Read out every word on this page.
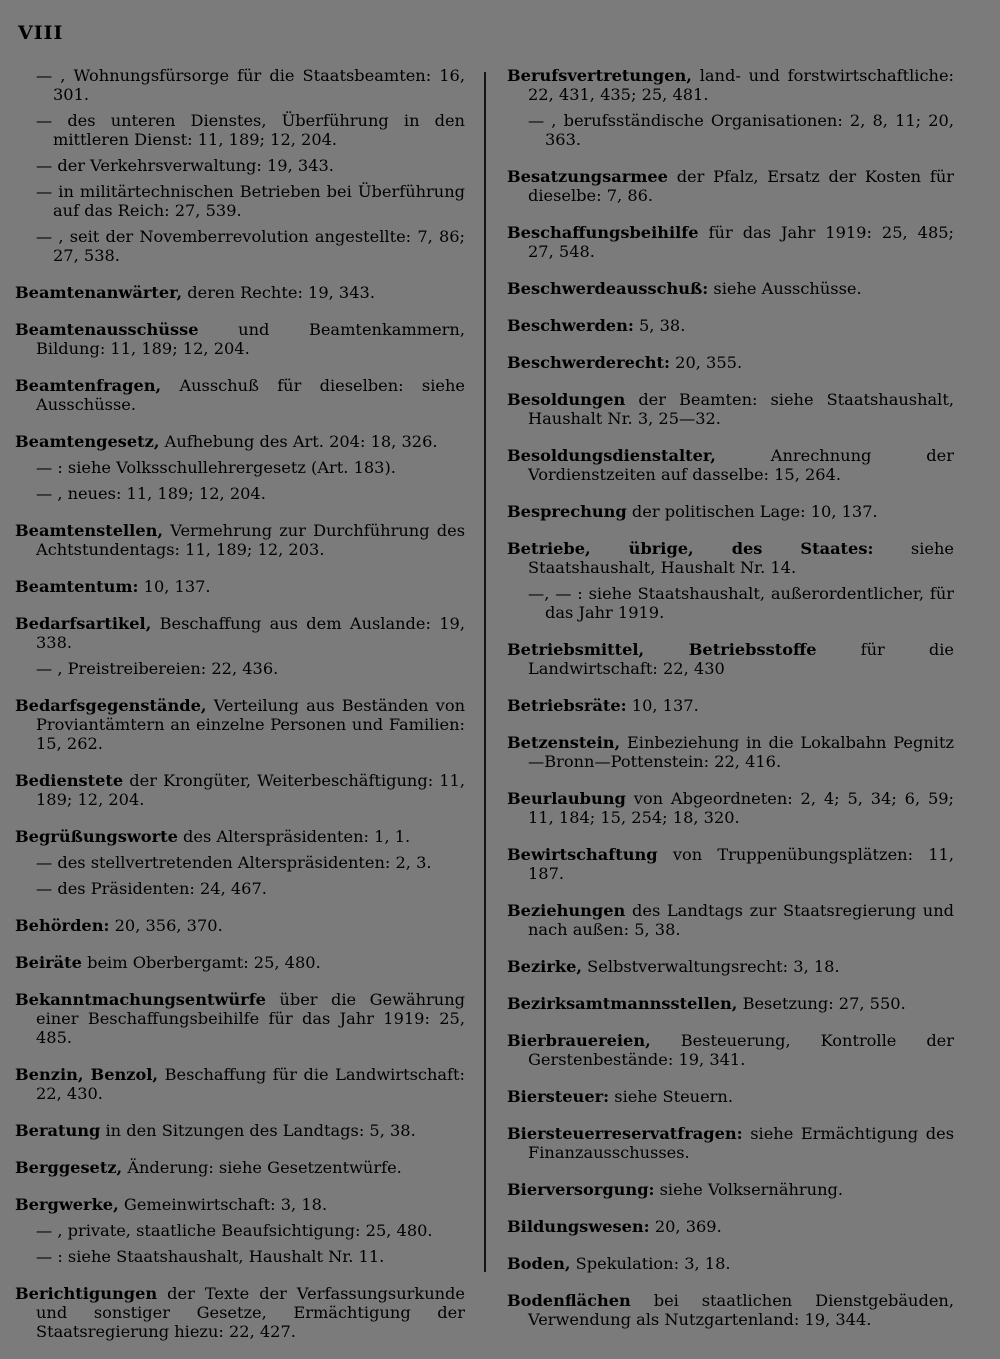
VIII
— , Wohnungsfürsorge für die Staatsbeamten: 16, 301.
— des unteren Dienstes, Überführung in den mittleren Dienst: 11, 189; 12, 204.
— der Verkehrsverwaltung: 19, 343.
— in militärtechnischen Betrieben bei Überführung auf das Reich: 27, 539.
— , seit der Novemberrevolution angestellte: 7, 86; 27, 538.

Beamtenanwärter, deren Rechte: 19, 343.

Beamtenausschüsse und Beamtenkammern, Bildung: 11, 189; 12, 204.

Beamtenfragen, Ausschuß für dieselben: siehe Ausschüsse.

Beamtengesetz, Aufhebung des Art. 204: 18, 326.

— : siehe Volksschullehrergesetz (Art. 183).
— , neues: 11, 189; 12, 204.

Beamtenstellen, Vermehrung zur Durchführung des Achtstundentags: 11, 189; 12, 203.

Beamtentum: 10, 137.

Bedarfsartikel, Beschaffung aus dem Auslande: 19, 338.

— , Preistreibereien: 22, 436.

Bedarfsgegenstände, Verteilung aus Beständen von Proviantämtern an einzelne Personen und Familien: 15, 262.

Bedienstete der Krongüter, Weiterbeschäftigung: 11, 189; 12, 204.

Begrüßungsworte des Alterspräsidenten: 1, 1.

— des stellvertretenden Alterspräsidenten: 2, 3.
— des Präsidenten: 24, 467.

Behörden: 20, 356, 370.

Beiräte beim Oberbergamt: 25, 480.

Bekanntmachungsentwürfe über die Gewährung einer Beschaffungsbeihilfe für das Jahr 1919: 25, 485.

Benzin, Benzol, Beschaffung für die Landwirtschaft: 22, 430.

Beratung in den Sitzungen des Landtags: 5, 38.

Berggesetz, Änderung: siehe Gesetzentwürfe.

Bergwerke, Gemeinwirtschaft: 3, 18.

— , private, staatliche Beaufsichtigung: 25, 480.
— : siehe Staatshaushalt, Haushalt Nr. 11.

Berichtigungen der Texte der Verfassungsurkunde und sonstiger Gesetze, Ermächtigung der Staatsregierung hiezu: 22, 427.

Berufsvertretungen, land- und forstwirtschaftliche: 22, 431, 435; 25, 481.

— , berufsständische Organisationen: 2, 8, 11; 20, 363.

Besatzungsarmee der Pfalz, Ersatz der Kosten für dieselbe: 7, 86.

Beschaffungsbeihilfe für das Jahr 1919: 25, 485; 27, 548.

Beschwerdeausschuß: siehe Ausschüsse.

Beschwerden: 5, 38.

Beschwerderecht: 20, 355.

Besoldungen der Beamten: siehe Staatshaushalt, Haushalt Nr. 3, 25—32.

Besoldungsdienstalter, Anrechnung der Vordienstzeiten auf dasselbe: 15, 264.

Besprechung der politischen Lage: 10, 137.

Betriebe, übrige, des Staates: siehe Staatshaushalt, Haushalt Nr. 14.

—, — : siehe Staatshaushalt, außerordentlicher, für das Jahr 1919.

Betriebsmittel, Betriebsstoffe für die Landwirtschaft: 22, 430

Betriebsräte: 10, 137.

Betzenstein, Einbeziehung in die Lokalbahn Pegnitz—Bronn—Pottenstein: 22, 416.

Beurlaubung von Abgeordneten: 2, 4; 5, 34; 6, 59; 11, 184; 15, 254; 18, 320.

Bewirtschaftung von Truppenübungsplätzen: 11, 187.

Beziehungen des Landtags zur Staatsregierung und nach außen: 5, 38.

Bezirke, Selbstverwaltungsrecht: 3, 18.

Bezirksamtmannsstellen, Besetzung: 27, 550.

Bierbrauereien, Besteuerung, Kontrolle der Gerstenbestände: 19, 341.

Biersteuer: siehe Steuern.

Biersteuerreservatfragen: siehe Ermächtigung des Finanzausschusses.

Bierversorgung: siehe Volksernährung.

Bildungswesen: 20, 369.

Boden, Spekulation: 3, 18.

Bodenflächen bei staatlichen Dienstgebäuden, Verwendung als Nutzgartenland: 19, 344.
